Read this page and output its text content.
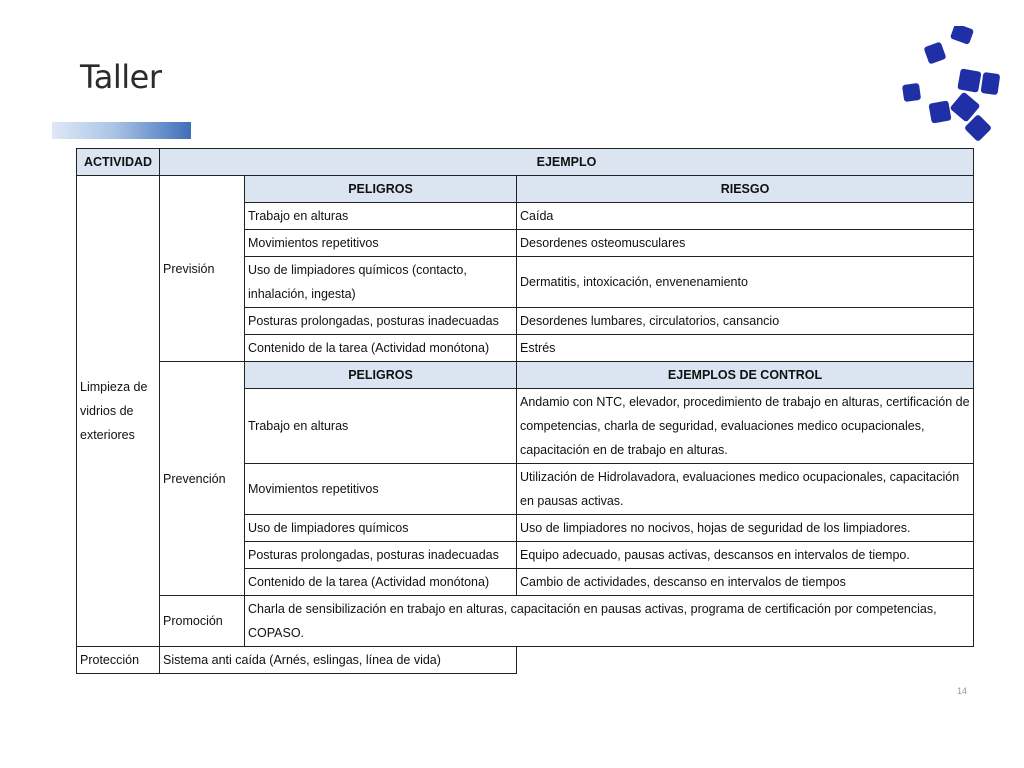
Taller
ACTIVIDAD	EJEMPLO		
Limpieza de vidrios de exteriores	Previsión	PELIGROS	RIESGO
		Trabajo en alturas	Caída
		Movimientos repetitivos	Desordenes osteomusculares
		Uso de limpiadores químicos (contacto, inhalación, ingesta)	Dermatitis, intoxicación, envenenamiento
		Posturas prolongadas, posturas inadecuadas	Desordenes lumbares, circulatorios, cansancio
		Contenido de la tarea (Actividad monótona)	Estrés
	Prevención	PELIGROS	EJEMPLOS DE CONTROL
		Trabajo en alturas	Andamio con NTC, elevador, procedimiento de trabajo en alturas, certificación de competencias, charla de seguridad, evaluaciones medico ocupacionales, capacitación en de trabajo en alturas.
		Movimientos repetitivos	Utilización de Hidrolavadora, evaluaciones medico ocupacionales, capacitación en pausas activas.
		Uso de limpiadores químicos	Uso de limpiadores no nocivos, hojas de seguridad de los limpiadores.
		Posturas prolongadas, posturas inadecuadas	Equipo adecuado, pausas activas, descansos en intervalos de tiempo.
		Contenido de la tarea (Actividad monótona)	Cambio de actividades, descanso en intervalos de tiempos
	Promoción	Charla de sensibilización en trabajo en alturas, capacitación en pausas activas, programa de certificación por competencias, COPASO.	
Protección	Sistema anti caída (Arnés, eslingas, línea de vida)		
14
